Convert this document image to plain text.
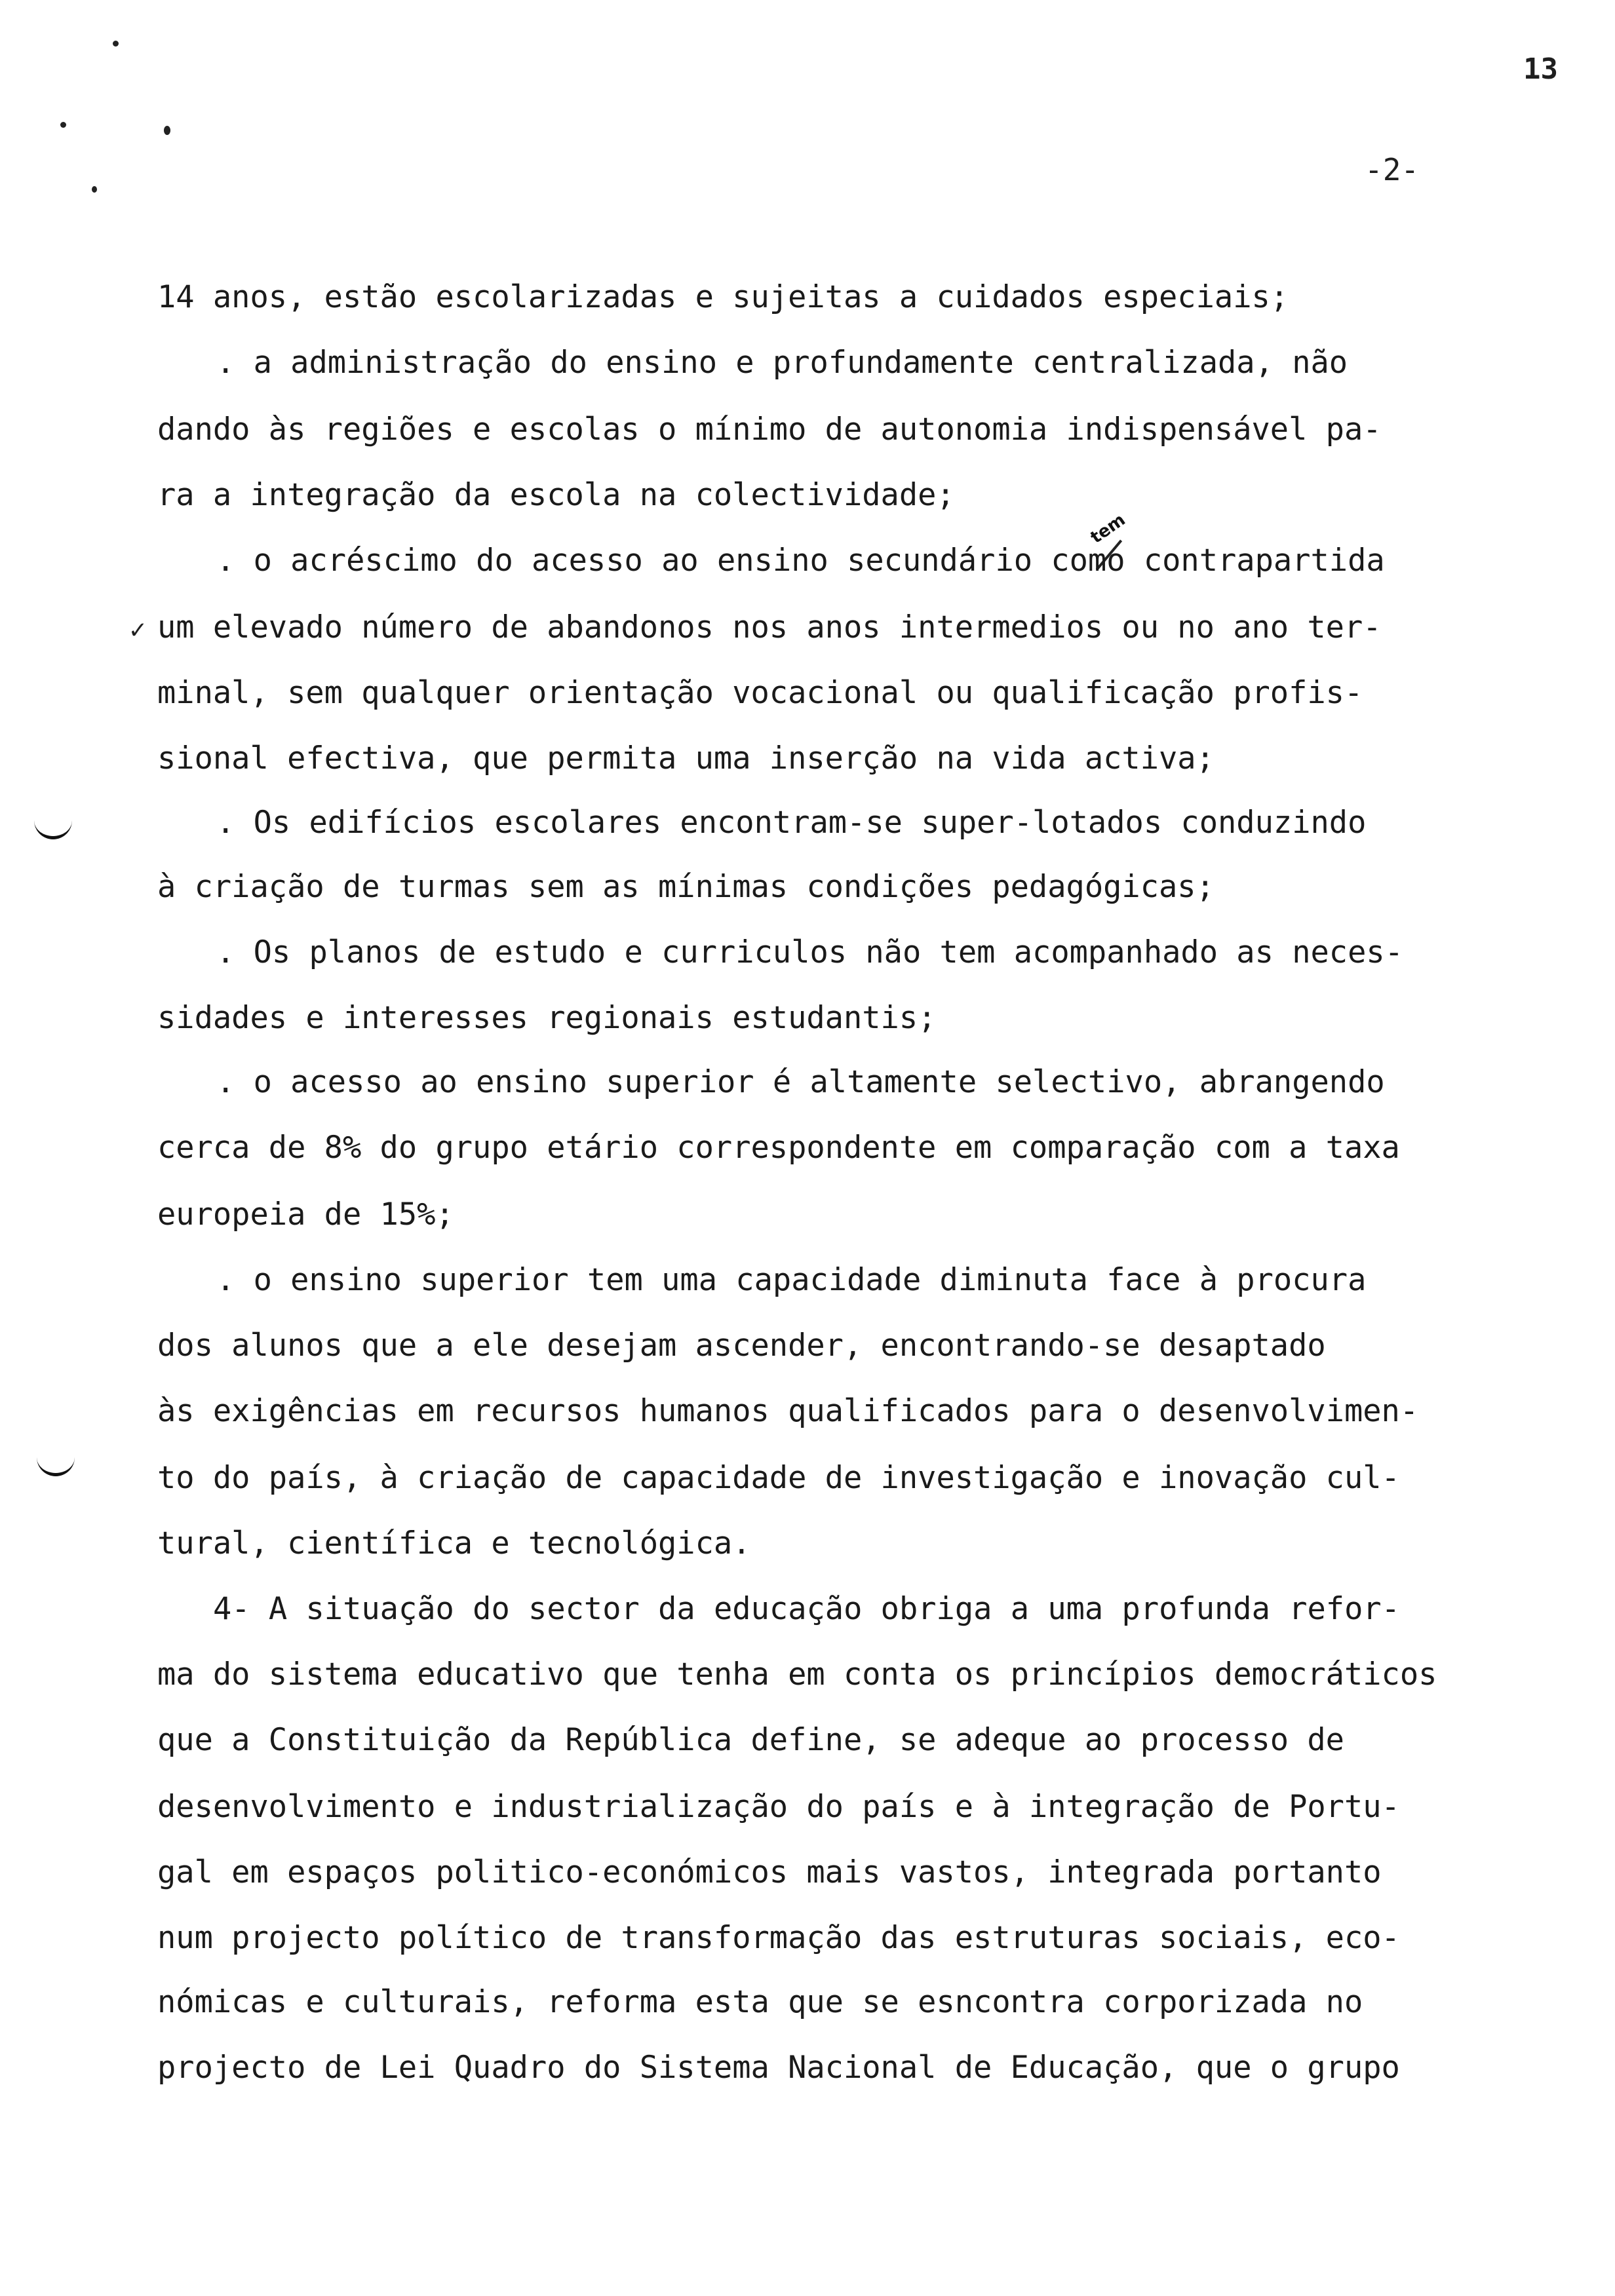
13
-2-
tem
✓
14 anos, estão escolarizadas e sujeitas a cuidados especiais;
. a administração do ensino e profundamente centralizada, não
dando às regiões e escolas o mínimo de autonomia indispensável pa-
ra a integração da escola na colectividade;
. o acréscimo do acesso ao ensino secundário como contrapartida
um elevado número de abandonos nos anos intermedios ou no ano ter-
minal, sem qualquer orientação vocacional ou qualificação profis-
sional efectiva, que permita uma inserção na vida activa;
. Os edifícios escolares encontram-se super-lotados conduzindo
à criação de turmas sem as mínimas condições pedagógicas;
. Os planos de estudo e curriculos não tem acompanhado as neces-
sidades e interesses regionais estudantis;
. o acesso ao ensino superior é altamente selectivo, abrangendo
cerca de 8% do grupo etário correspondente em comparação com a taxa
europeia de 15%;
. o ensino superior tem uma capacidade diminuta face à procura
dos alunos que a ele desejam ascender, encontrando-se desaptado
às exigências em recursos humanos qualificados para o desenvolvimen-
to do país, à criação de capacidade de investigação e inovação cul-
tural, científica e tecnológica.
4- A situação do sector da educação obriga a uma profunda refor-
ma do sistema educativo que tenha em conta os princípios democráticos
que a Constituição da República define, se adeque ao processo de
desenvolvimento e industrialização do país e à integração de Portu-
gal em espaços politico-económicos mais vastos, integrada portanto
num projecto político de transformação das estruturas sociais, eco-
nómicas e culturais, reforma esta que se esncontra corporizada no
projecto de Lei Quadro do Sistema Nacional de Educação, que o grupo
